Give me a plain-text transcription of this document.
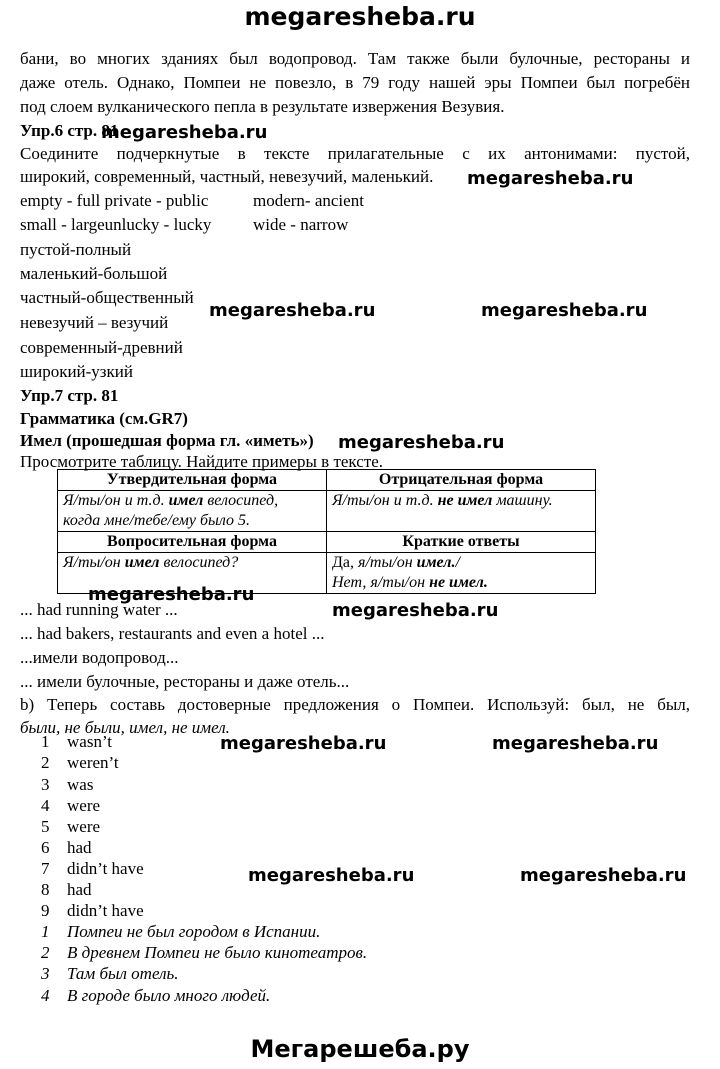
megaresheba.ru
бани, во многих зданиях был водопровод. Там также были булочные, рестораны и
даже отель. Однако, Помпеи не повезло, в 79 году нашей эры Помпеи был погребён
под слоем вулканического пепла в результате извержения Везувия.
Упр.6 стр. 81
Соедините подчеркнутые в тексте прилагательные с их антонимами: пустой,
широкий, современный, частный, невезучий, маленький.
empty - full private - public	modern- ancient
small - largeunlucky - lucky wide - narrow
пустой-полный
маленький-большой
частный-общественный
невезучий – везучий
современный-древний
широкий-узкий
Упр.7 стр. 81
Грамматика (см.GR7)
Имел (прошедшая форма гл. «иметь»)
Просмотрите таблицу. Найдите примеры в тексте.
Утвердительная форма	Отрицательная форма
Я/ты/он и т.д. имел велосипед,
когда мне/тебе/ему было 5.	Я/ты/он и т.д. не имел машину.
Вопросительная форма	Краткие ответы
Я/ты/он имел велосипед?	Да, я/ты/он имел./
Нет, я/ты/он не имел.
... had running water ...
... had bakers, restaurants and even a hotel ...
...имели водопровод...
... имели булочные, рестораны и даже отель...
b) Теперь составь достоверные предложения о Помпеи. Используй: был, не был,
были, не были, имел, не имел.
1 wasn’t
2 weren’t
3 was
4 were
5 were
6 had
7 didn’t have
8 had
9 didn’t have
1 Помпеи не был городом в Испании.
2 В древнем Помпеи не было кинотеатров.
3 Там был отель.
4 В городе было много людей.
megaresheba.ru
megaresheba.ru
megaresheba.ru	megaresheba.ru
megaresheba.ru
megaresheba.ru
megaresheba.ru
megaresheba.ru	megaresheba.ru
megaresheba.ru	megaresheba.ru
Мегарешеба.ру
